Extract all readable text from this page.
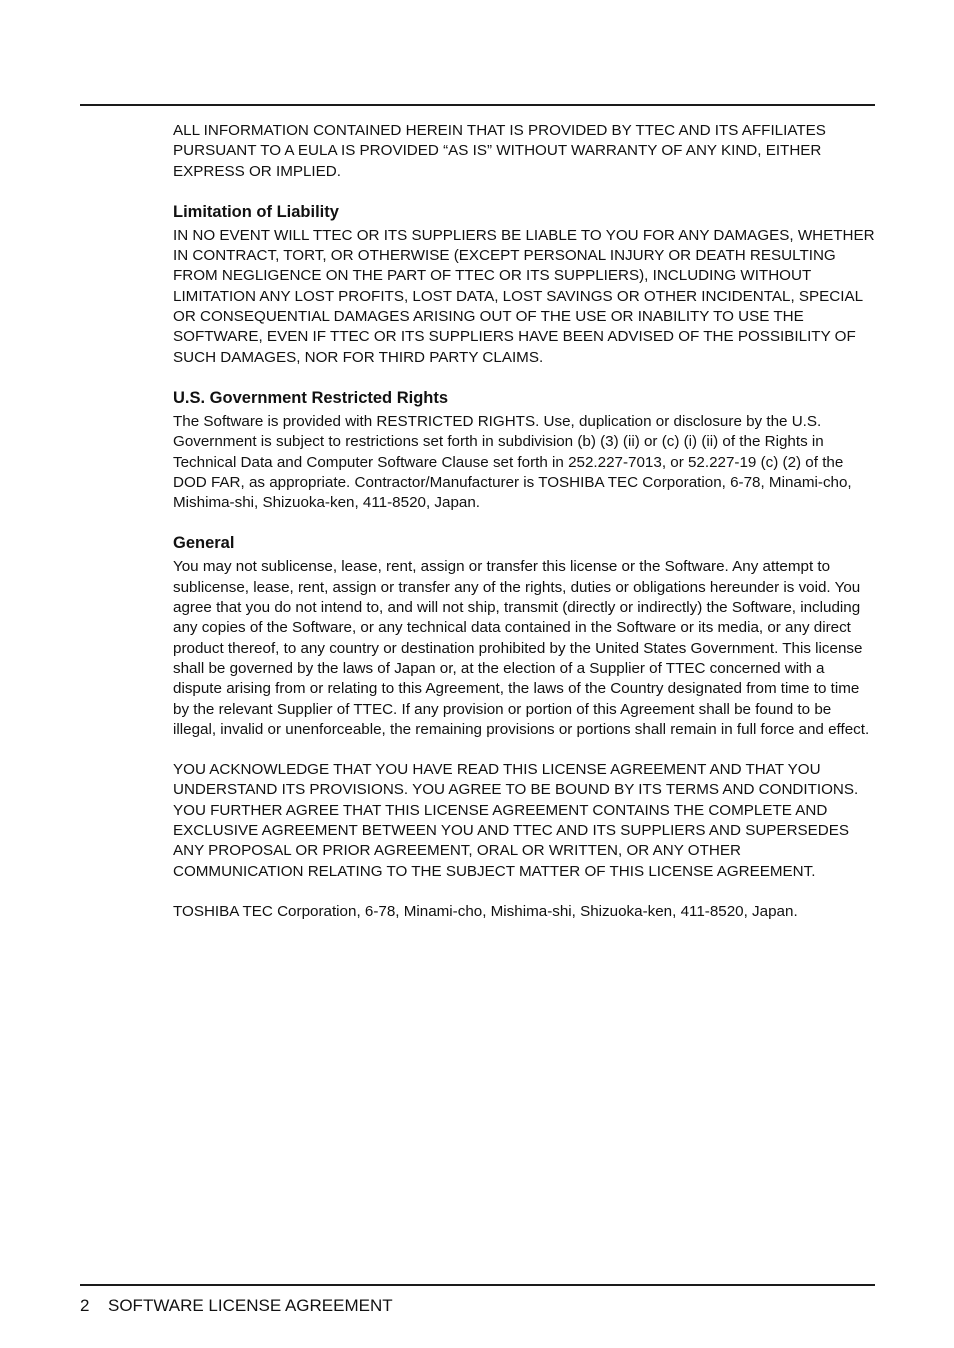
ALL INFORMATION CONTAINED HEREIN THAT IS PROVIDED BY TTEC AND ITS AFFILIATES PURSUANT TO A EULA IS PROVIDED “AS IS” WITHOUT WARRANTY OF ANY KIND, EITHER EXPRESS OR IMPLIED.

Limitation of Liability

IN NO EVENT WILL TTEC OR ITS SUPPLIERS BE LIABLE TO YOU FOR ANY DAMAGES, WHETHER IN CONTRACT, TORT, OR OTHERWISE (EXCEPT PERSONAL INJURY OR DEATH RESULTING FROM NEGLIGENCE ON THE PART OF TTEC OR ITS SUPPLIERS), INCLUDING WITHOUT LIMITATION ANY LOST PROFITS, LOST DATA, LOST SAVINGS OR OTHER INCIDENTAL, SPECIAL OR CONSEQUENTIAL DAMAGES ARISING OUT OF THE USE OR INABILITY TO USE THE SOFTWARE, EVEN IF TTEC OR ITS SUPPLIERS HAVE BEEN ADVISED OF THE POSSIBILITY OF SUCH DAMAGES, NOR FOR THIRD PARTY CLAIMS.

U.S. Government Restricted Rights

The Software is provided with RESTRICTED RIGHTS. Use, duplication or disclosure by the U.S. Government is subject to restrictions set forth in subdivision (b) (3) (ii) or (c) (i) (ii) of the Rights in Technical Data and Computer Software Clause set forth in 252.227-7013, or 52.227-19 (c) (2) of the DOD FAR, as appropriate. Contractor/Manufacturer is TOSHIBA TEC Corporation, 6-78, Minami-cho, Mishima-shi, Shizuoka-ken, 411-8520, Japan.

General

You may not sublicense, lease, rent, assign or transfer this license or the Software. Any attempt to sublicense, lease, rent, assign or transfer any of the rights, duties or obligations hereunder is void. You agree that you do not intend to, and will not ship, transmit (directly or indirectly) the Software, including any copies of the Software, or any technical data contained in the Software or its media, or any direct product thereof, to any country or destination prohibited by the United States Government. This license shall be governed by the laws of Japan or, at the election of a Supplier of TTEC concerned with a dispute arising from or relating to this Agreement, the laws of the Country designated from time to time by the relevant Supplier of TTEC. If any provision or portion of this Agreement shall be found to be illegal, invalid or unenforceable, the remaining provisions or portions shall remain in full force and effect.

YOU ACKNOWLEDGE THAT YOU HAVE READ THIS LICENSE AGREEMENT AND THAT YOU UNDERSTAND ITS PROVISIONS. YOU AGREE TO BE BOUND BY ITS TERMS AND CONDITIONS. YOU FURTHER AGREE THAT THIS LICENSE AGREEMENT CONTAINS THE COMPLETE AND EXCLUSIVE AGREEMENT BETWEEN YOU AND TTEC AND ITS SUPPLIERS AND SUPERSEDES ANY PROPOSAL OR PRIOR AGREEMENT, ORAL OR WRITTEN, OR ANY OTHER COMMUNICATION RELATING TO THE SUBJECT MATTER OF THIS LICENSE AGREEMENT.

TOSHIBA TEC Corporation, 6-78, Minami-cho, Mishima-shi, Shizuoka-ken, 411-8520, Japan.

2 SOFTWARE LICENSE AGREEMENT
